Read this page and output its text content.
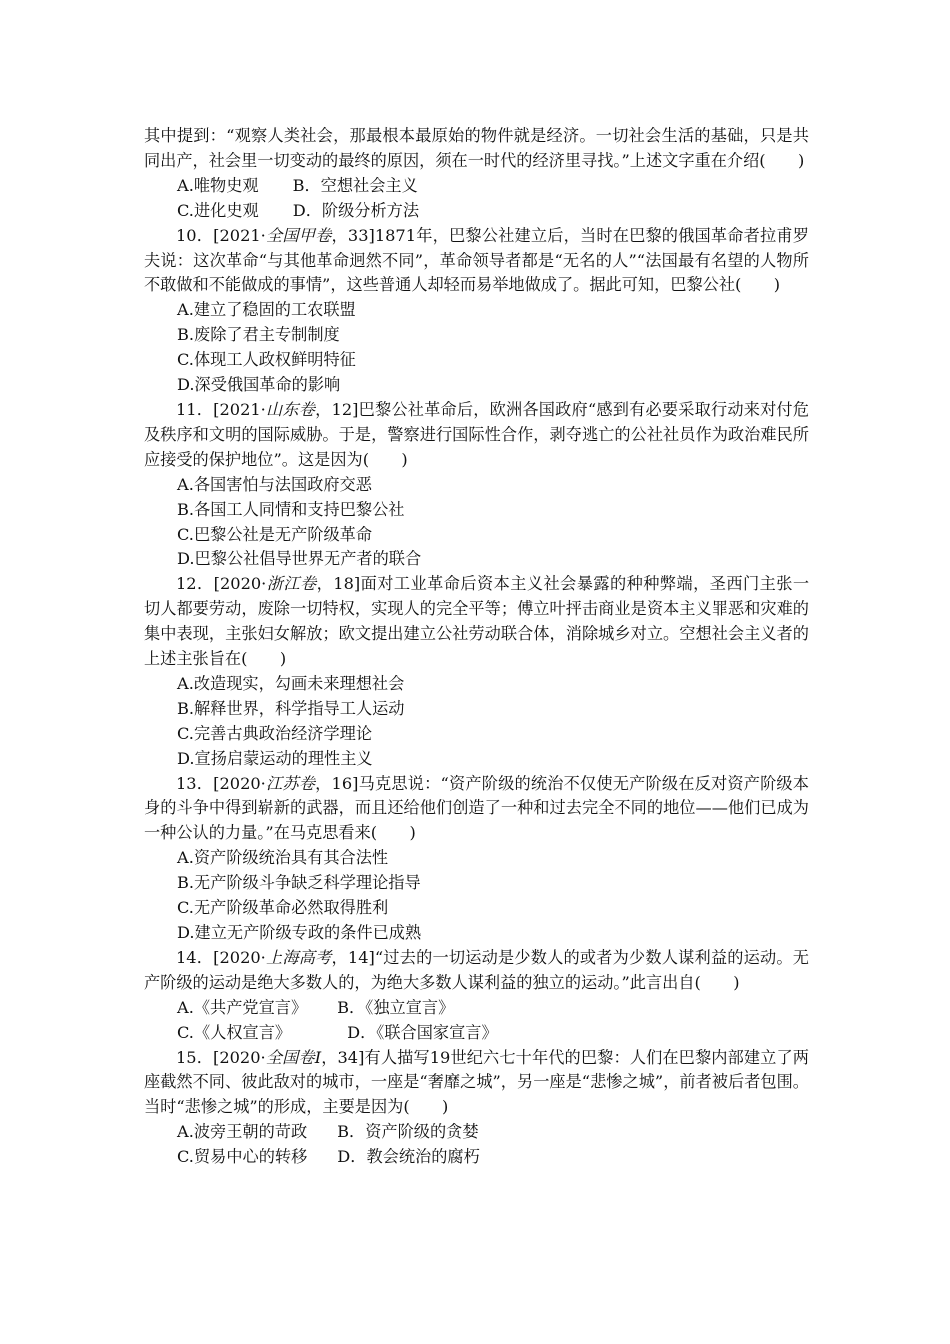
其中提到：“观察人类社会，那最根本最原始的物件就是经济。一切社会生活的基础，只是共同出产，社会里一切变动的最终的原因，须在一时代的经济里寻找。”上述文字重在介绍(　　)

A.唯物史观 B．空想社会主义

C.进化史观 D．阶级分析方法

10．[2021·全国甲卷，33]1871年，巴黎公社建立后，当时在巴黎的俄国革命者拉甫罗夫说：这次革命“与其他革命迥然不同”，革命领导者都是“无名的人”“法国最有名望的人物所不敢做和不能做成的事情”，这些普通人却轻而易举地做成了。据此可知，巴黎公社(　　)

A.建立了稳固的工农联盟

B.废除了君主专制制度

C.体现工人政权鲜明特征

D.深受俄国革命的影响

11．[2021·山东卷，12]巴黎公社革命后，欧洲各国政府“感到有必要采取行动来对付危及秩序和文明的国际威胁。于是，警察进行国际性合作，剥夺逃亡的公社社员作为政治难民所应接受的保护地位”。这是因为(　　)

A.各国害怕与法国政府交恶

B.各国工人同情和支持巴黎公社

C.巴黎公社是无产阶级革命

D.巴黎公社倡导世界无产者的联合

12．[2020·浙江卷，18]面对工业革命后资本主义社会暴露的种种弊端，圣西门主张一切人都要劳动，废除一切特权，实现人的完全平等；傅立叶抨击商业是资本主义罪恶和灾难的集中表现，主张妇女解放；欧文提出建立公社劳动联合体，消除城乡对立。空想社会主义者的上述主张旨在(　　)

A.改造现实，勾画未来理想社会

B.解释世界，科学指导工人运动

C.完善古典政治经济学理论

D.宣扬启蒙运动的理性主义

13．[2020·江苏卷，16]马克思说：“资产阶级的统治不仅使无产阶级在反对资产阶级本身的斗争中得到崭新的武器，而且还给他们创造了一种和过去完全不同的地位——他们已成为一种公认的力量。”在马克思看来(　　)

A.资产阶级统治具有其合法性

B.无产阶级斗争缺乏科学理论指导

C.无产阶级革命必然取得胜利

D.建立无产阶级专政的条件已成熟

14．[2020·上海高考，14]“过去的一切运动是少数人的或者为少数人谋利益的运动。无产阶级的运动是绝大多数人的，为绝大多数人谋利益的独立的运动。”此言出自(　　)

A.《共产党宣言》 B．《独立宣言》

C.《人权宣言》	D．《联合国家宣言》

15．[2020·全国卷Ⅰ，34]有人描写19世纪六七十年代的巴黎：人们在巴黎内部建立了两座截然不同、彼此敌对的城市，一座是“奢靡之城”，另一座是“悲惨之城”，前者被后者包围。当时“悲惨之城”的形成，主要是因为(　　)

A.波旁王朝的苛政 B．资产阶级的贪婪

C.贸易中心的转移 D．教会统治的腐朽
